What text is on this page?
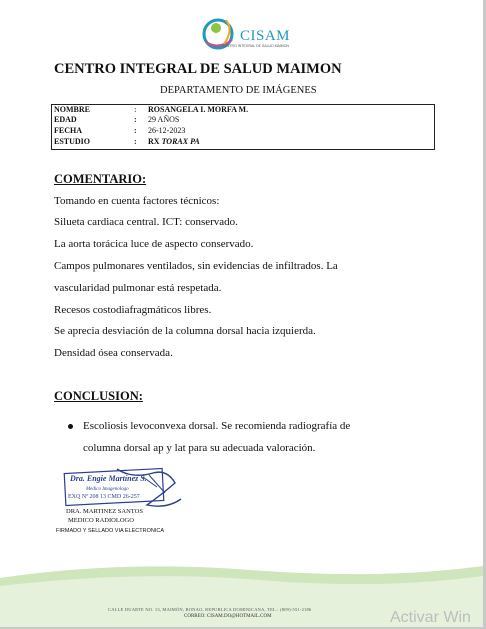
CISAM
CENTRO INTEGRAL DE SALUD MAIMON
CENTRO INTEGRAL DE SALUD MAIMON
DEPARTAMENTO DE IMÁGENES
NOMBRE	: ROSANGELA I. MORFA M.
EDAD	: 29 AÑOS
FECHA	: 26-12-2023
ESTUDIO	: RX TORAX PA
COMENTARIO:
Tomando en cuenta factores técnicos:
Silueta cardiaca central. ICT: conservado.
La aorta torácica luce de aspecto conservado.
Campos pulmonares ventilados, sin evidencias de infiltrados. La
vascularidad pulmonar está respetada.
Recesos costodiafragmáticos libres.
Se aprecia desviación de la columna dorsal hacia izquierda.
Densidad ósea conservada.
CONCLUSION:
Escoliosis levoconvexa dorsal. Se recomienda radiografía de
columna dorsal ap y lat para su adecuada valoración.
Dra. Engie Martínez S.
Medico Imagenologo
EXQ Nº 208 13 CMD 26-257
DRA. MARTINEZ SANTOS
MEDICO RADIOLOGO
FIRMADO Y SELLADO VIA ELECTRONICA
CALLE DUARTE NO. 13, MAIMÓN, BONAO, REPUBLICA DOMINICANA, TEL.: (809)-551-2186
CORREO: CISAM.DO@HOTMAIL.COM	Activar Win
